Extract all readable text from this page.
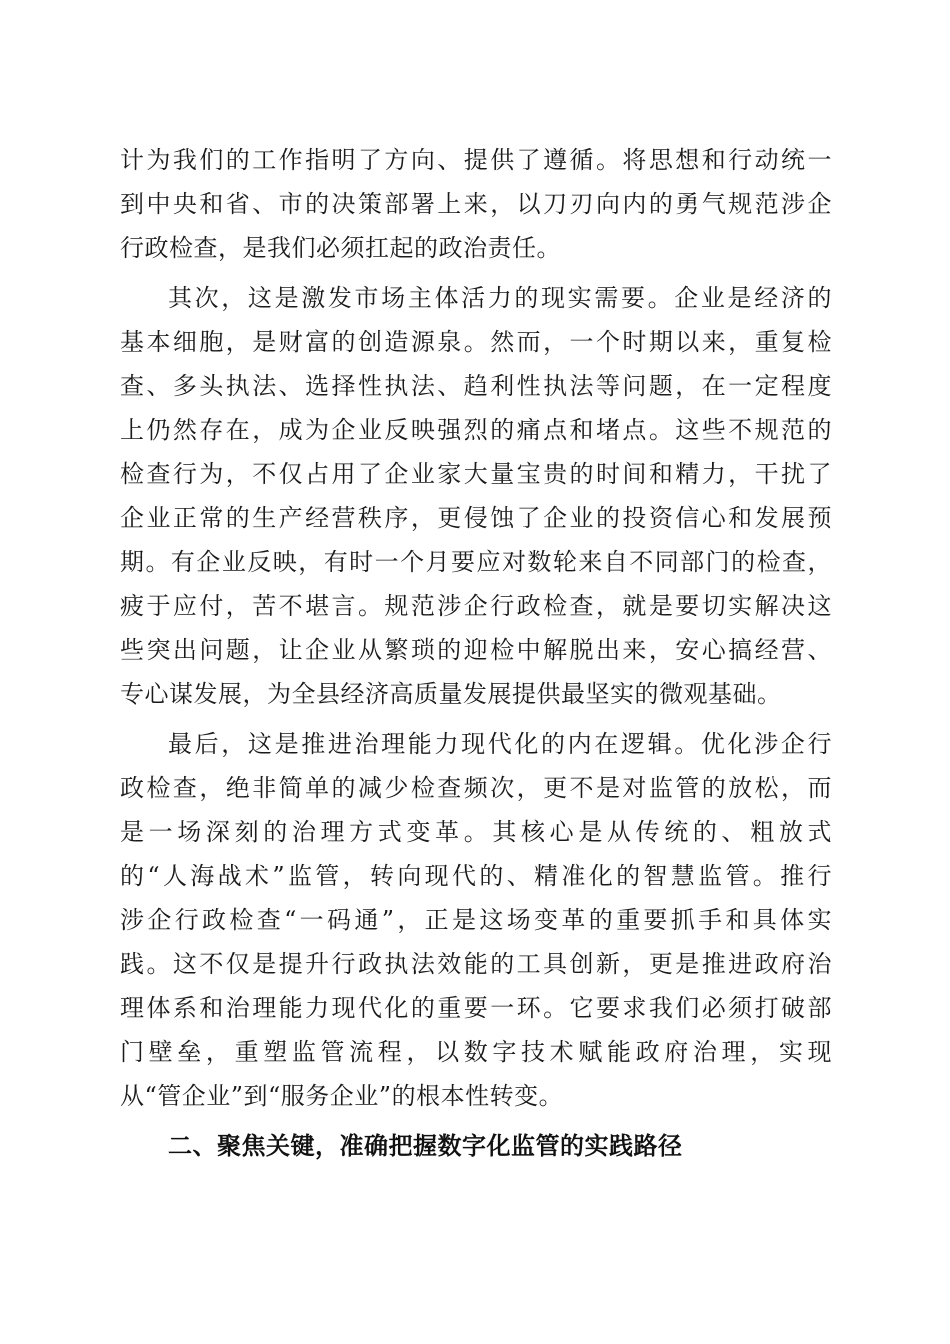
计为我们的工作指明了方向、提供了遵循。将思想和行动统一
到中央和省、市的决策部署上来，以刀刃向内的勇气规范涉企
行政检查，是我们必须扛起的政治责任。
其次，这是激发市场主体活力的现实需要。企业是经济的
基本细胞，是财富的创造源泉。然而，一个时期以来，重复检
查、多头执法、选择性执法、趋利性执法等问题，在一定程度
上仍然存在，成为企业反映强烈的痛点和堵点。这些不规范的
检查行为，不仅占用了企业家大量宝贵的时间和精力，干扰了
企业正常的生产经营秩序，更侵蚀了企业的投资信心和发展预
期。有企业反映，有时一个月要应对数轮来自不同部门的检查，
疲于应付，苦不堪言。规范涉企行政检查，就是要切实解决这
些突出问题，让企业从繁琐的迎检中解脱出来，安心搞经营、
专心谋发展，为全县经济高质量发展提供最坚实的微观基础。
最后，这是推进治理能力现代化的内在逻辑。优化涉企行
政检查，绝非简单的减少检查频次，更不是对监管的放松，而
是一场深刻的治理方式变革。其核心是从传统的、粗放式
的“人海战术”监管，转向现代的、精准化的智慧监管。推行
涉企行政检查“一码通”，正是这场变革的重要抓手和具体实
践。这不仅是提升行政执法效能的工具创新，更是推进政府治
理体系和治理能力现代化的重要一环。它要求我们必须打破部
门壁垒，重塑监管流程，以数字技术赋能政府治理，实现
从“管企业”到“服务企业”的根本性转变。
二、聚焦关键，准确把握数字化监管的实践路径
